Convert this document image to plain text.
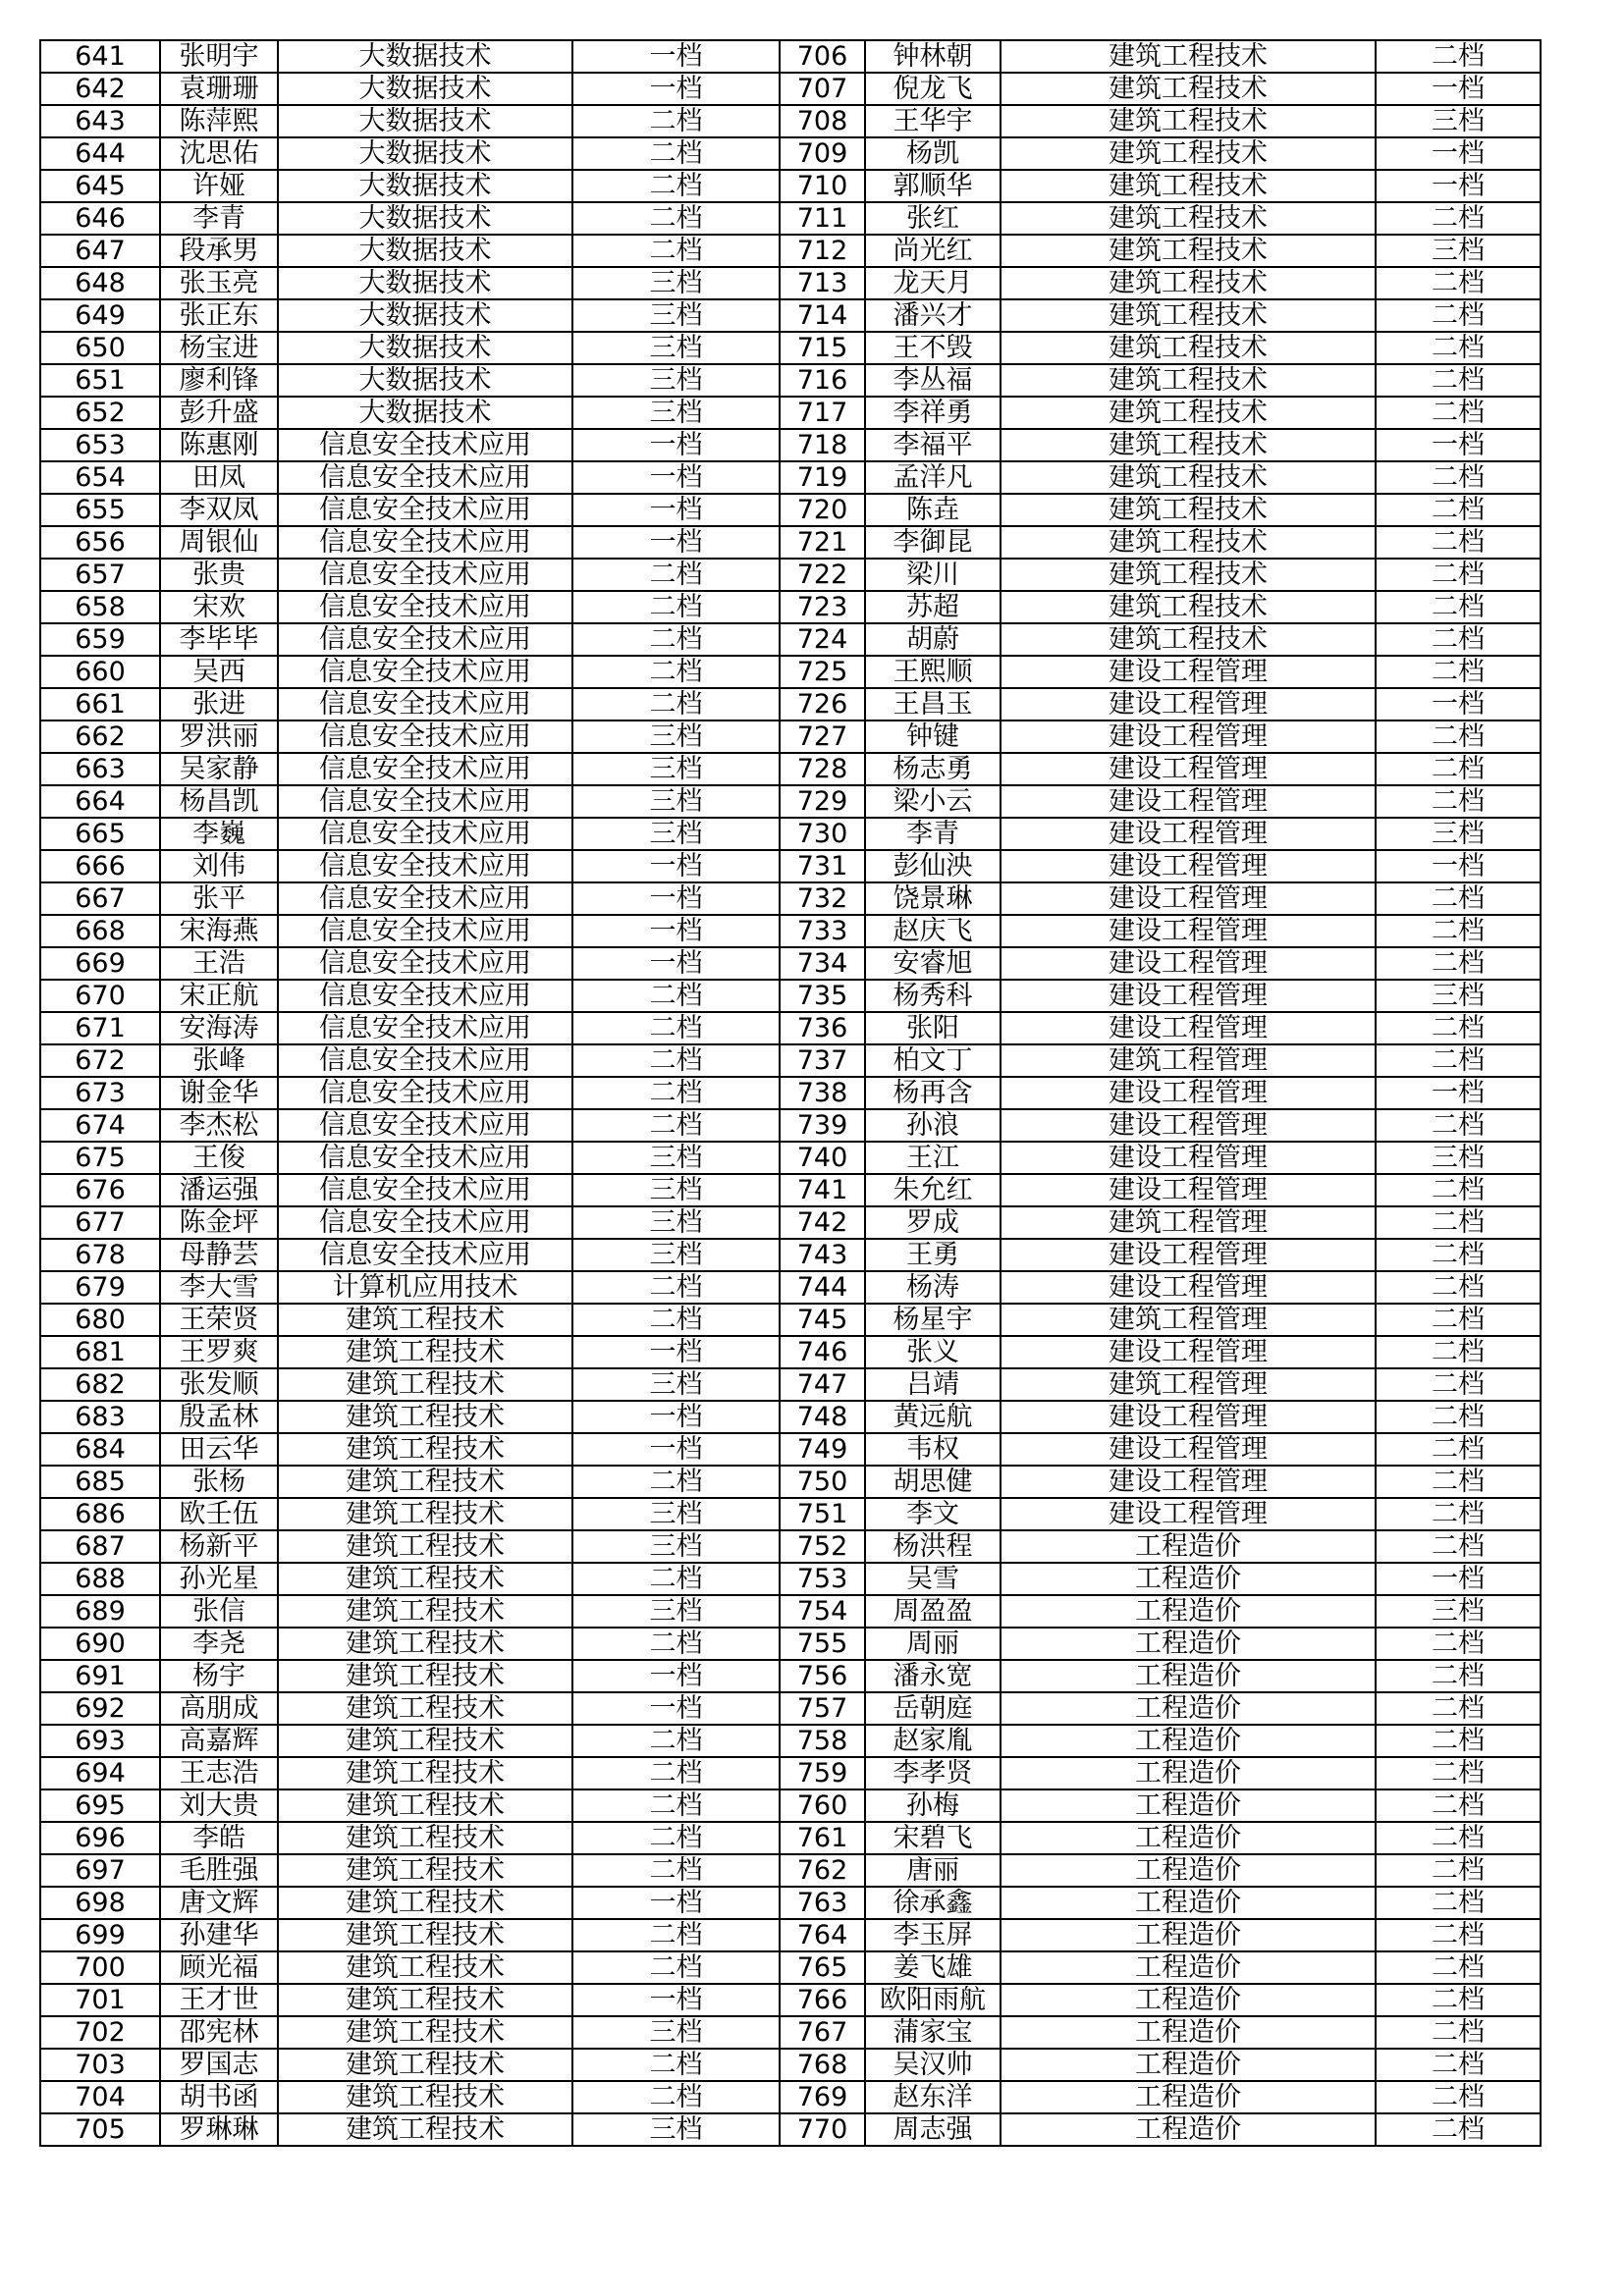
641	张明宇	大数据技术	一档	706	钟林朝	建筑工程技术	二档
642	袁珊珊	大数据技术	一档	707	倪龙飞	建筑工程技术	一档
643	陈萍熙	大数据技术	二档	708	王华宇	建筑工程技术	三档
644	沈思佑	大数据技术	二档	709	杨凯	建筑工程技术	一档
645	许娅	大数据技术	二档	710	郭顺华	建筑工程技术	一档
646	李青	大数据技术	二档	711	张红	建筑工程技术	二档
647	段承男	大数据技术	二档	712	尚光红	建筑工程技术	三档
648	张玉亮	大数据技术	三档	713	龙天月	建筑工程技术	二档
649	张正东	大数据技术	三档	714	潘兴才	建筑工程技术	二档
650	杨宝进	大数据技术	三档	715	王不毁	建筑工程技术	二档
651	廖利锋	大数据技术	三档	716	李丛福	建筑工程技术	二档
652	彭升盛	大数据技术	三档	717	李祥勇	建筑工程技术	二档
653	陈惠刚	信息安全技术应用	一档	718	李福平	建筑工程技术	一档
654	田凤	信息安全技术应用	一档	719	孟洋凡	建筑工程技术	二档
655	李双凤	信息安全技术应用	一档	720	陈垚	建筑工程技术	二档
656	周银仙	信息安全技术应用	一档	721	李御昆	建筑工程技术	二档
657	张贵	信息安全技术应用	二档	722	梁川	建筑工程技术	二档
658	宋欢	信息安全技术应用	二档	723	苏超	建筑工程技术	二档
659	李毕毕	信息安全技术应用	二档	724	胡蔚	建筑工程技术	二档
660	吴西	信息安全技术应用	二档	725	王熙顺	建设工程管理	二档
661	张进	信息安全技术应用	二档	726	王昌玉	建设工程管理	一档
662	罗洪丽	信息安全技术应用	三档	727	钟键	建设工程管理	二档
663	吴家静	信息安全技术应用	三档	728	杨志勇	建设工程管理	二档
664	杨昌凯	信息安全技术应用	三档	729	梁小云	建设工程管理	二档
665	李巍	信息安全技术应用	三档	730	李青	建设工程管理	三档
666	刘伟	信息安全技术应用	一档	731	彭仙泱	建设工程管理	一档
667	张平	信息安全技术应用	一档	732	饶景琳	建设工程管理	二档
668	宋海燕	信息安全技术应用	一档	733	赵庆飞	建设工程管理	二档
669	王浩	信息安全技术应用	一档	734	安睿旭	建设工程管理	二档
670	宋正航	信息安全技术应用	二档	735	杨秀科	建设工程管理	三档
671	安海涛	信息安全技术应用	二档	736	张阳	建设工程管理	二档
672	张峰	信息安全技术应用	二档	737	柏文丁	建筑工程管理	二档
673	谢金华	信息安全技术应用	二档	738	杨再含	建设工程管理	一档
674	李杰松	信息安全技术应用	二档	739	孙浪	建设工程管理	二档
675	王俊	信息安全技术应用	三档	740	王江	建设工程管理	三档
676	潘运强	信息安全技术应用	三档	741	朱允红	建设工程管理	二档
677	陈金坪	信息安全技术应用	三档	742	罗成	建筑工程管理	二档
678	母静芸	信息安全技术应用	三档	743	王勇	建设工程管理	二档
679	李大雪	计算机应用技术	二档	744	杨涛	建设工程管理	二档
680	王荣贤	建筑工程技术	二档	745	杨星宇	建筑工程管理	二档
681	王罗爽	建筑工程技术	一档	746	张义	建设工程管理	二档
682	张发顺	建筑工程技术	三档	747	吕靖	建筑工程管理	二档
683	殷孟林	建筑工程技术	一档	748	黄远航	建设工程管理	二档
684	田云华	建筑工程技术	一档	749	韦权	建设工程管理	二档
685	张杨	建筑工程技术	二档	750	胡思健	建设工程管理	二档
686	欧壬伍	建筑工程技术	三档	751	李文	建设工程管理	二档
687	杨新平	建筑工程技术	三档	752	杨洪程	工程造价	二档
688	孙光星	建筑工程技术	二档	753	吴雪	工程造价	一档
689	张信	建筑工程技术	三档	754	周盈盈	工程造价	三档
690	李尧	建筑工程技术	二档	755	周丽	工程造价	二档
691	杨宇	建筑工程技术	一档	756	潘永宽	工程造价	二档
692	高朋成	建筑工程技术	一档	757	岳朝庭	工程造价	二档
693	高嘉辉	建筑工程技术	二档	758	赵家胤	工程造价	二档
694	王志浩	建筑工程技术	二档	759	李孝贤	工程造价	二档
695	刘大贵	建筑工程技术	二档	760	孙梅	工程造价	二档
696	李皓	建筑工程技术	二档	761	宋碧飞	工程造价	二档
697	毛胜强	建筑工程技术	二档	762	唐丽	工程造价	二档
698	唐文辉	建筑工程技术	一档	763	徐承鑫	工程造价	二档
699	孙建华	建筑工程技术	二档	764	李玉屏	工程造价	二档
700	顾光福	建筑工程技术	二档	765	姜飞雄	工程造价	二档
701	王才世	建筑工程技术	一档	766	欧阳雨航	工程造价	二档
702	邵宪林	建筑工程技术	三档	767	蒲家宝	工程造价	二档
703	罗国志	建筑工程技术	二档	768	吴汉帅	工程造价	二档
704	胡书函	建筑工程技术	二档	769	赵东洋	工程造价	二档
705	罗琳琳	建筑工程技术	三档	770	周志强	工程造价	二档
